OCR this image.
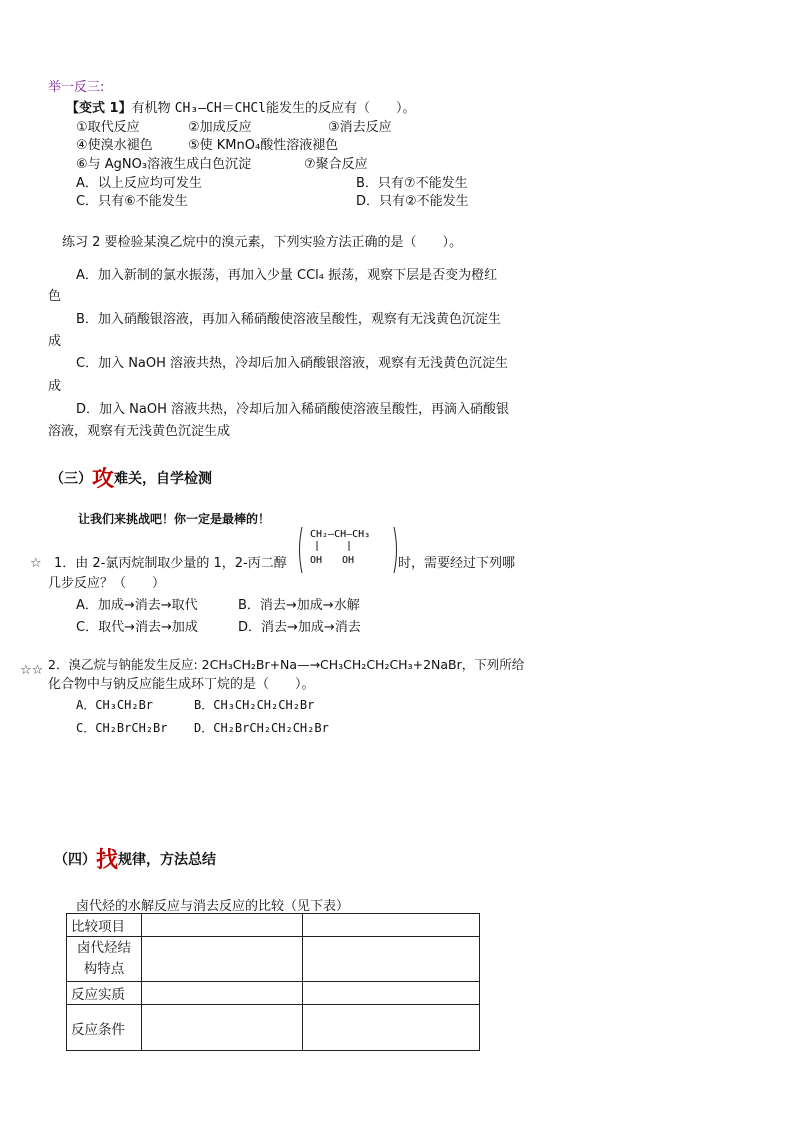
举一反三:
【变式 1】有机物 CH₃—CH＝CHCl能发生的反应有（　　）。
①取代反应	②加成反应	③消去反应
④使溴水褪色	⑤使 KMnO₄酸性溶液褪色
⑥与 AgNO₃溶液生成白色沉淀	⑦聚合反应
A．以上反应均可发生	B．只有⑦不能发生
C．只有⑥不能发生	D．只有②不能发生
练习 2 要检验某溴乙烷中的溴元素，下列实验方法正确的是（　　）。
A．加入新制的氯水振荡，再加入少量 CCl₄ 振荡，观察下层是否变为橙红
色
B．加入硝酸银溶液，再加入稀硝酸使溶液呈酸性，观察有无浅黄色沉淀生
成
C．加入 NaOH 溶液共热，冷却后加入硝酸银溶液，观察有无浅黄色沉淀生
成
D．加入 NaOH 溶液共热，冷却后加入稀硝酸使溶液呈酸性，再滴入硝酸银
溶液，观察有无浅黄色沉淀生成
（三）攻难关，自学检测
让我们来挑战吧！你一定是最棒的！
☆ 1．由 2-氯丙烷制取少量的 1，2-丙二醇
CH₂—CH—CH₃
OH OH	时，需要经过下列哪
几步反应？（　　）
A．加成→消去→取代	B．消去→加成→水解
C．取代→消去→加成	D．消去→加成→消去
☆☆ 2．溴乙烷与钠能发生反应: 2CH₃CH₂Br+Na—→CH₃CH₂CH₂CH₃+2NaBr，下列所给
化合物中与钠反应能生成环丁烷的是（　　）。
A．CH₃CH₂Br	B．CH₃CH₂CH₂CH₂Br
C．CH₂BrCH₂Br D．CH₂BrCH₂CH₂CH₂Br
（四）找规律，方法总结
卤代烃的水解反应与消去反应的比较（见下表）
比较项目		
卤代烃结构特点		
反应实质		
反应条件		
